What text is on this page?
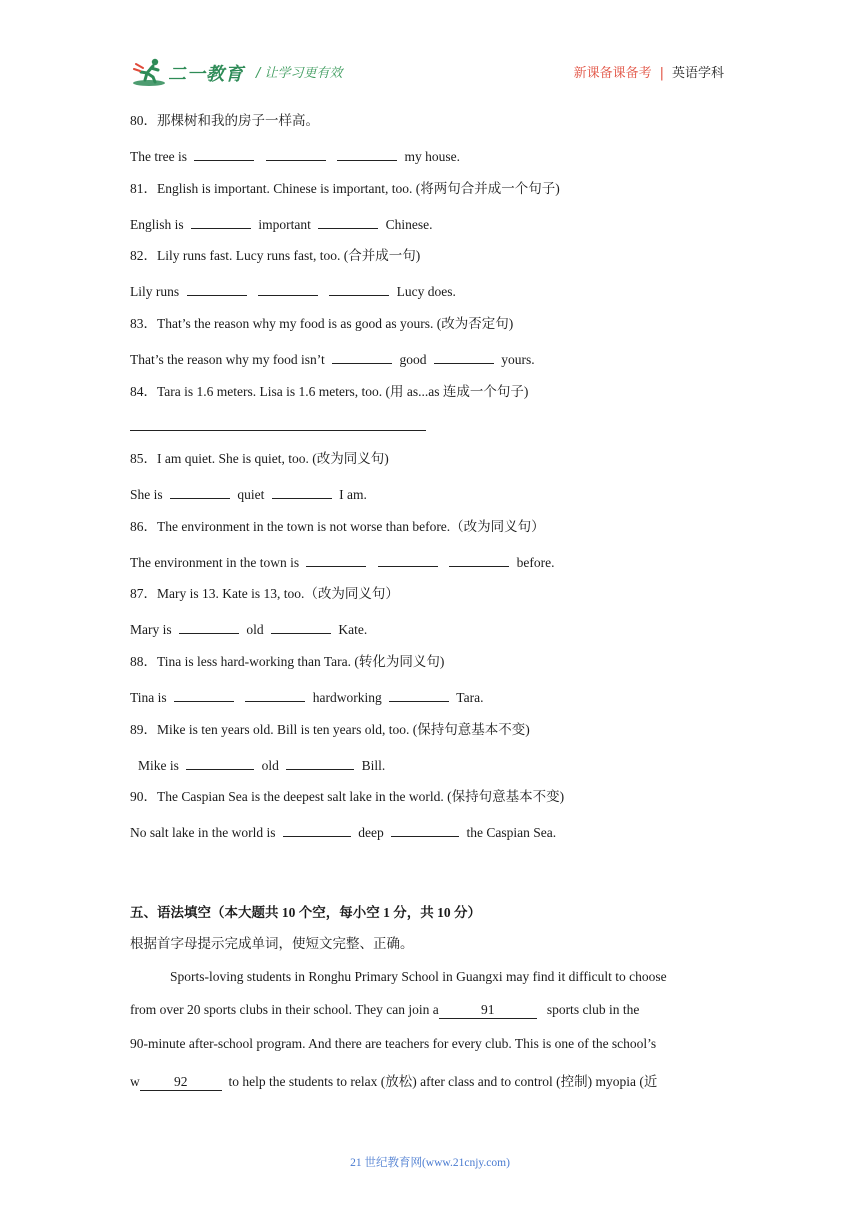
二一教育 / 让学习更有效	新课备课备考 | 英语学科
80．那棵树和我的房子一样高。
The tree is	my house.
81．English is important. Chinese is important, too. (将两句合并成一个句子)
English is	important	Chinese.
82．Lily runs fast. Lucy runs fast, too. (合并成一句)
Lily runs	Lucy does.
83．That’s the reason why my food is as good as yours. (改为否定句)
That’s the reason why my food isn’t	good	yours.
84．Tara is 1.6 meters. Lisa is 1.6 meters, too. (用 as...as 连成一个句子)
85．I am quiet. She is quiet, too. (改为同义句)
She is	quiet	I am.
86．The environment in the town is not worse than before.（改为同义句）
The environment in the town is	before.
87．Mary is 13. Kate is 13, too.（改为同义句）
Mary is	old	Kate.
88．Tina is less hard-working than Tara. (转化为同义句)
Tina is	hardworking	Tara.
89．Mike is ten years old. Bill is ten years old, too. (保持句意基本不变)
Mike is	old	Bill.
90．The Caspian Sea is the deepest salt lake in the world. (保持句意基本不变)
No salt lake in the world is	deep	the Caspian Sea.
五、语法填空（本大题共 10 个空，每小空 1 分，共 10 分）
根据首字母提示完成单词，使短文完整、正确。
Sports-loving students in Ronghu Primary School in Guangxi may find it difficult to choose
from over 20 sports clubs in their school. They can join a	91	sports club in the
90-minute after-school program. And there are teachers for every club. This is one of the school’s
w	92	to help the students to relax (放松) after class and to control (控制) myopia (近
21 世纪教育网(www.21cnjy.com)
